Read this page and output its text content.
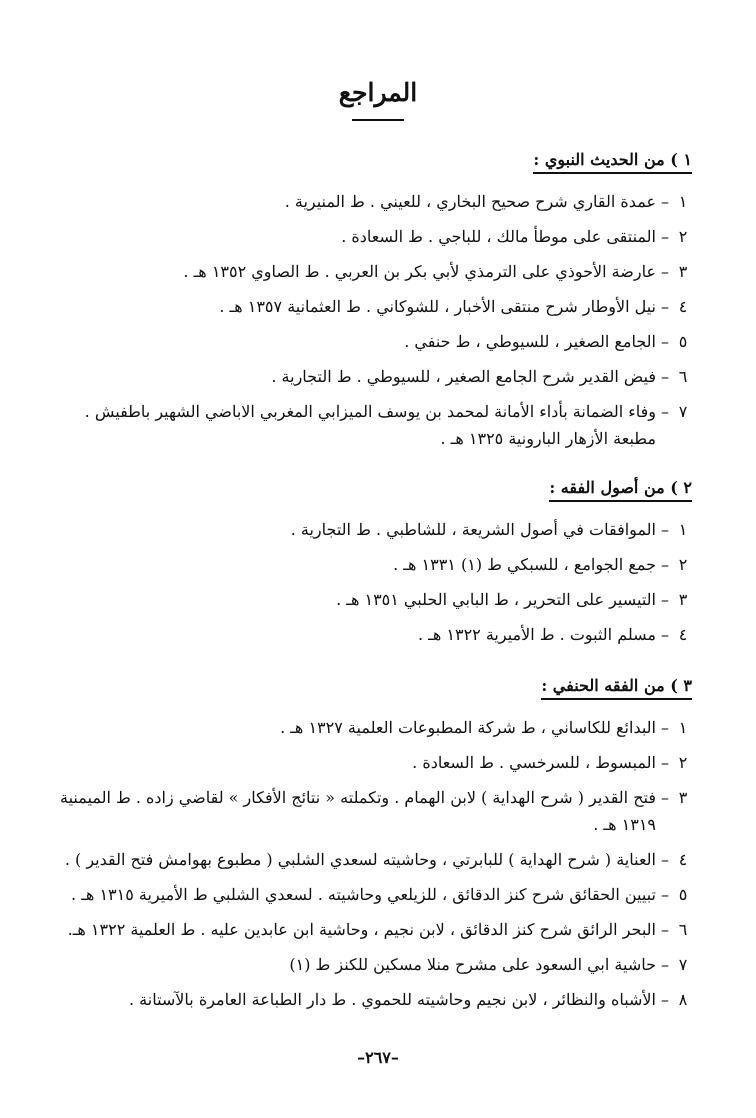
المراجع
١ ) من الحديث النبوي :
١
–
عمدة القاري شرح صحيح البخاري ، للعيني . ط المنيرية .
٢
–
المنتقى على موطأ مالك ، للباجي . ط السعادة .
٣
–
عارضة الأحوذي على الترمذي لأبي بكر بن العربي . ط الصاوي ١٣٥٢ هـ .
٤
–
نيل الأوطار شرح منتقى الأخبار ، للشوكاني . ط العثمانية ١٣٥٧ هـ .
٥
–
الجامع الصغير ، للسيوطي ، ط حنفي .
٦
–
فيض القدير شرح الجامع الصغير ، للسيوطي . ط التجارية .
٧
–
وفاء الضمانة بأداء الأمانة لمحمد بن يوسف الميزابي المغربي الاباضي الشهير باطفيش . مطبعة الأزهار البارونية ١٣٢٥ هـ .
٢ ) من أصول الفقه :
١
–
الموافقات في أصول الشريعة ، للشاطبي . ط التجارية .
٢
–
جمع الجوامع ، للسبكي ط (١) ١٣٣١ هـ .
٣
–
التيسير على التحرير ، ط البابي الحلبي ١٣٥١ هـ .
٤
–
مسلم الثبوت . ط الأميرية ١٣٢٢ هـ .
٣ ) من الفقه الحنفي :
١
–
البدائع للكاساني ، ط شركة المطبوعات العلمية ١٣٢٧ هـ .
٢
–
المبسوط ، للسرخسي . ط السعادة .
٣
–
فتح القدير ( شرح الهداية ) لابن الهمام . وتكملته « نتائج الأفكار » لقاضي زاده . ط الميمنية ١٣١٩ هـ .
٤
–
العناية ( شرح الهداية ) للبابرتي ، وحاشيته لسعدي الشلبي ( مطبوع بهوامش فتح القدير ) .
٥
–
تبيين الحقائق شرح كنز الدقائق ، للزيلعي وحاشيته . لسعدي الشلبي ط الأميرية ١٣١٥ هـ .
٦
–
البحر الرائق شرح كنز الدقائق ، لابن نجيم ، وحاشية ابن عابدين عليه . ط العلمية ١٣٢٢ هـ.
٧
–
حاشية ابي السعود على مشرح منلا مسكين للكنز ط (١)
٨
–
الأشباه والنظائر ، لابن نجيم وحاشيته للحموي . ط دار الطباعة العامرة بالآستانة .
–٢٦٧–
